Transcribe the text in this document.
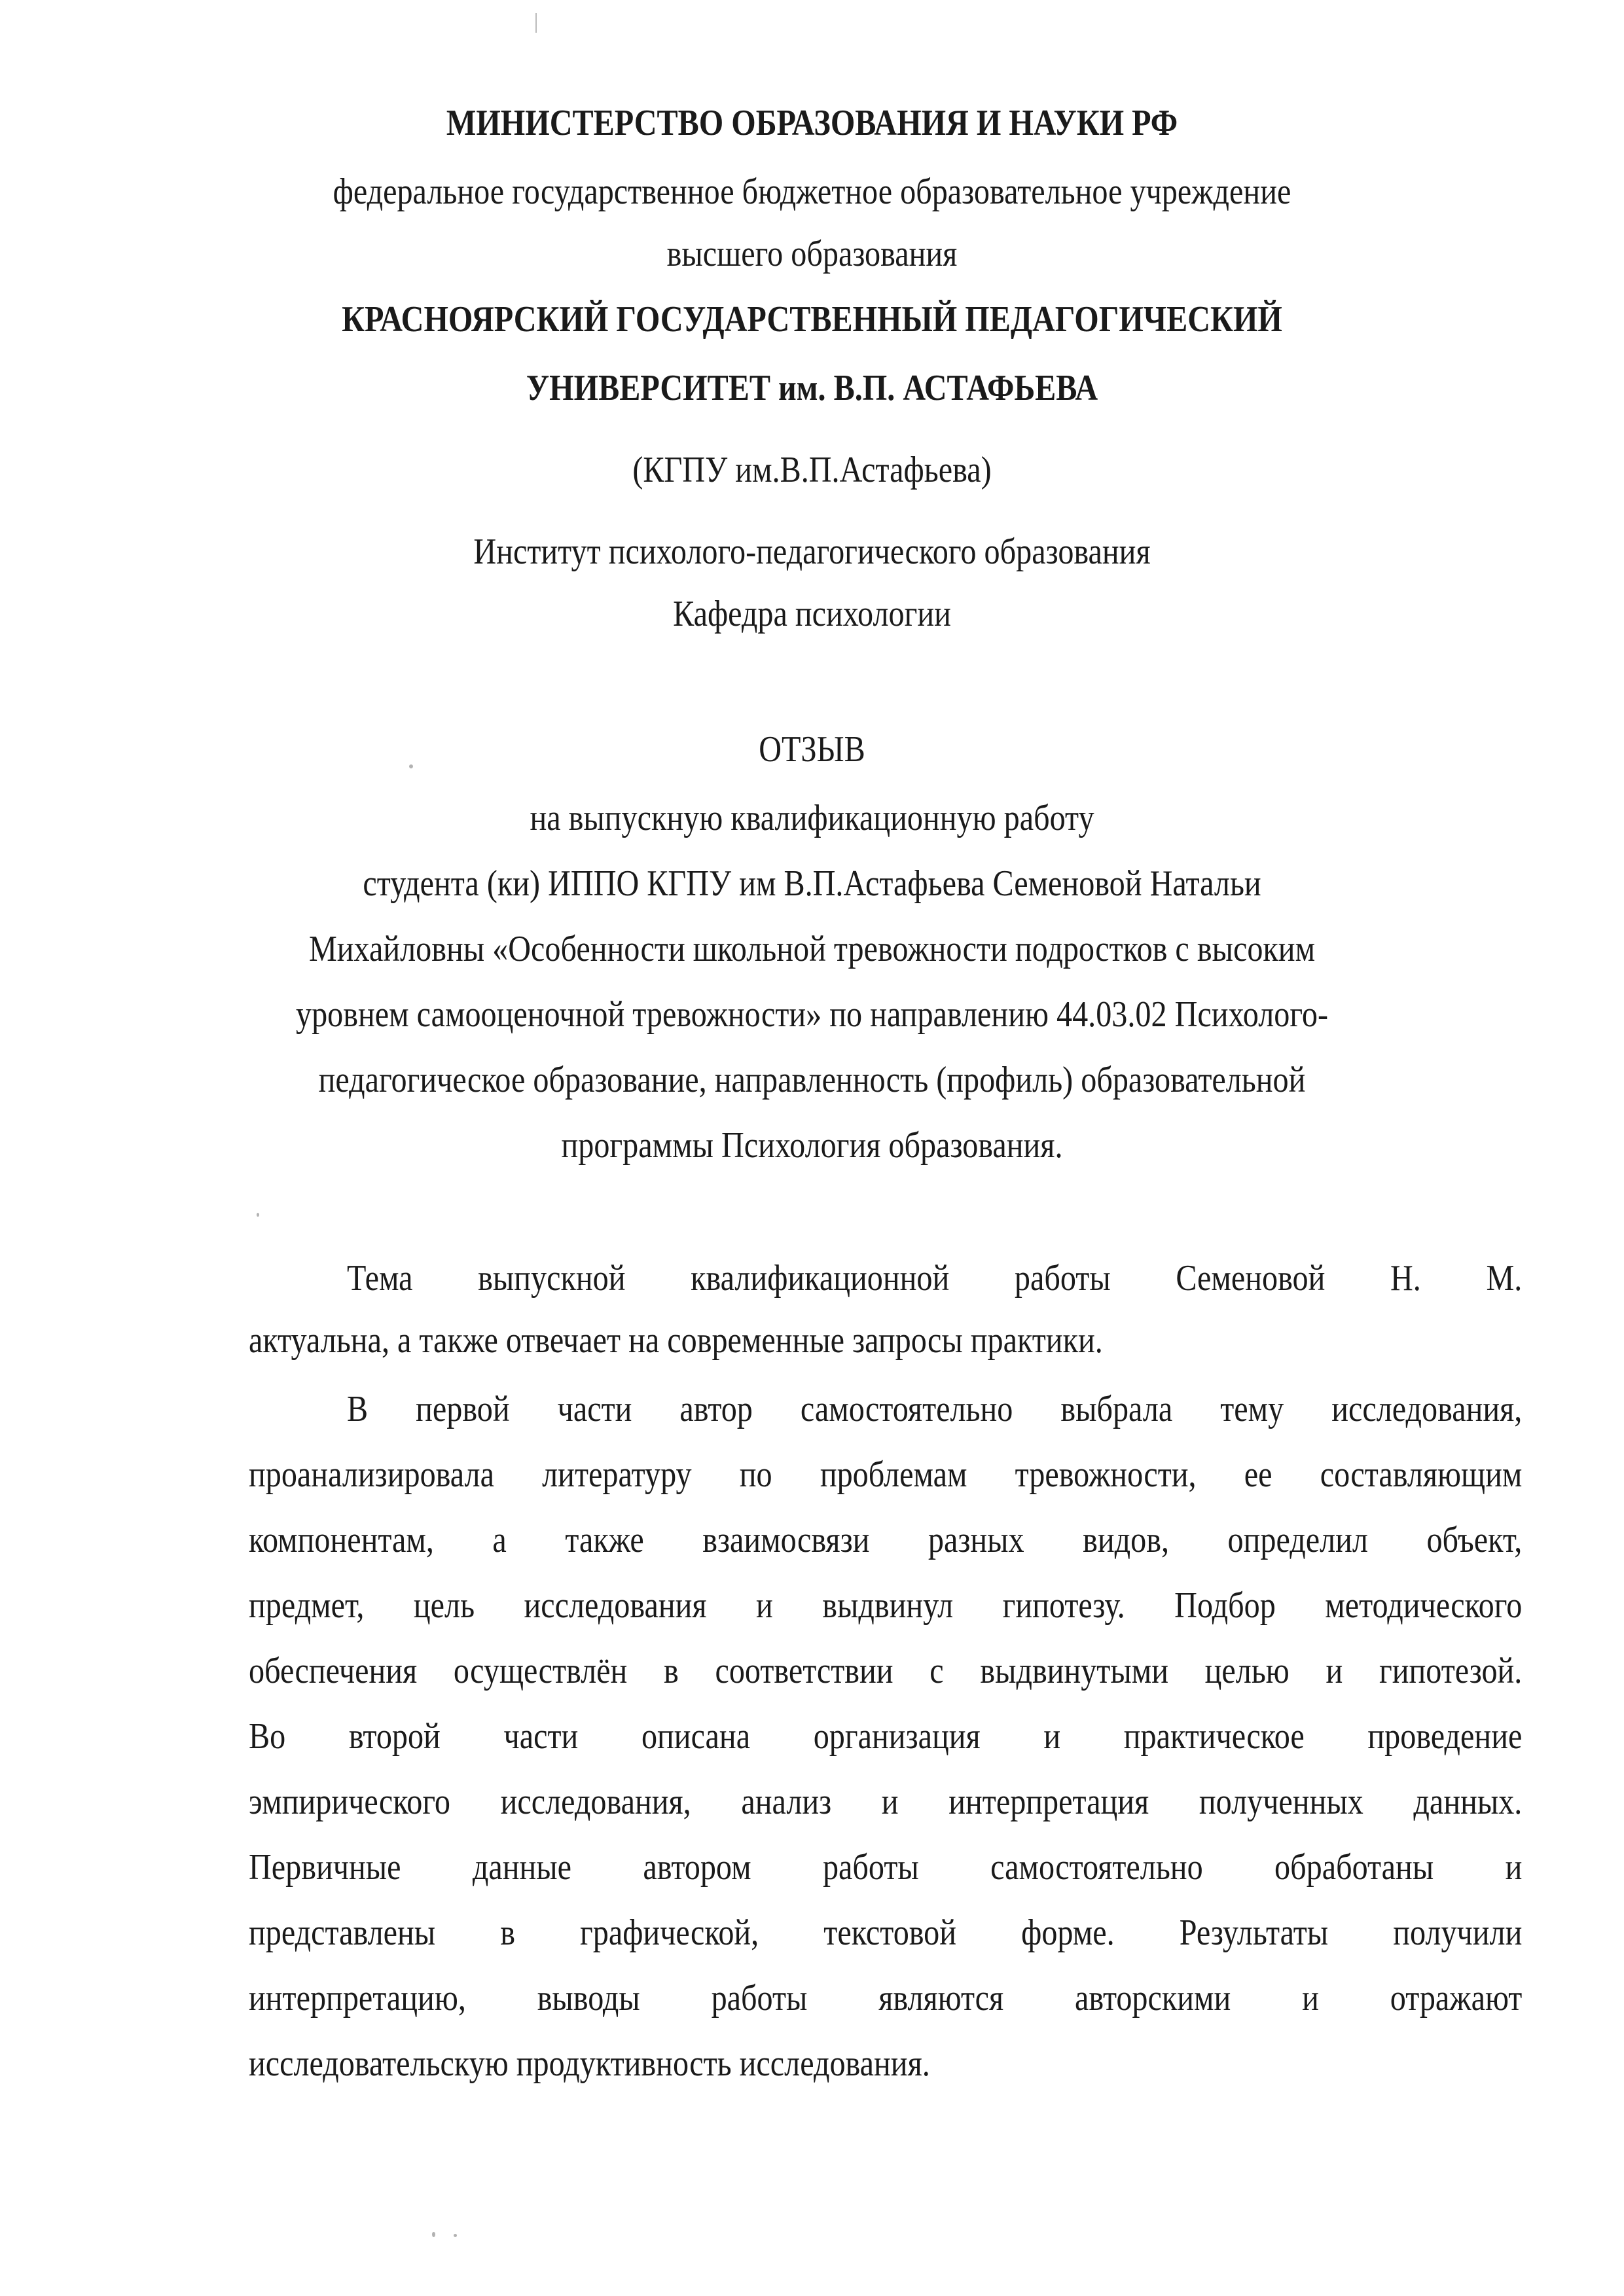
МИНИСТЕРСТВО ОБРАЗОВАНИЯ И НАУКИ РФ
федеральное государственное бюджетное образовательное учреждение
высшего образования
КРАСНОЯРСКИЙ ГОСУДАРСТВЕННЫЙ ПЕДАГОГИЧЕСКИЙ
УНИВЕРСИТЕТ им. В.П. АСТАФЬЕВА
(КГПУ им.В.П.Астафьева)
Институт психолого-педагогического образования
Кафедра психологии
ОТЗЫВ
на выпускную квалификационную работу
студента (ки) ИППО КГПУ им В.П.Астафьева Семеновой Натальи
Михайловны «Особенности школьной тревожности подростков с высоким
уровнем самооценочной тревожности» по направлению 44.03.02 Психолого-
педагогическое образование, направленность (профиль) образовательной
программы Психология образования.
Тема выпускной квалификационной работы Семеновой Н. М.
актуальна, а также отвечает на современные запросы практики.
В первой части автор самостоятельно выбрала тему исследования,
проанализировала литературу по проблемам тревожности, ее составляющим
компонентам, а также взаимосвязи разных видов, определил объект,
предмет, цель исследования и выдвинул гипотезу. Подбор методического
обеспечения осуществлён в соответствии с выдвинутыми целью и гипотезой.
Во второй части описана организация и практическое проведение
эмпирического исследования, анализ и интерпретация полученных данных.
Первичные данные автором работы самостоятельно обработаны и
представлены в графической, текстовой форме. Результаты получили
интерпретацию, выводы работы являются авторскими и отражают
исследовательскую продуктивность исследования.
